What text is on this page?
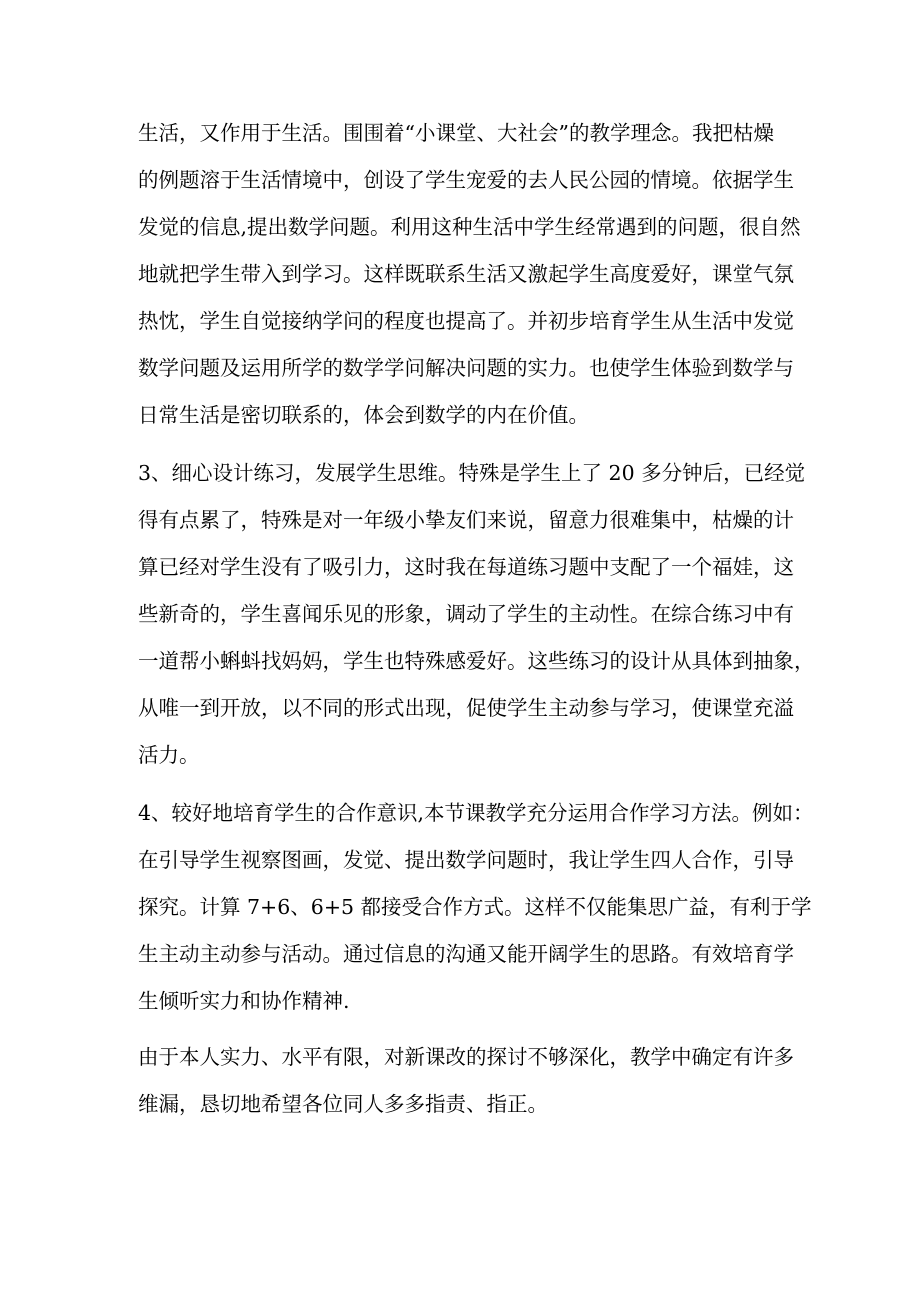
生活，又作用于生活。围围着“小课堂、大社会”的教学理念。我把枯燥
的例题溶于生活情境中，创设了学生宠爱的去人民公园的情境。依据学生
发觉的信息,提出数学问题。利用这种生活中学生经常遇到的问题，很自然
地就把学生带入到学习。这样既联系生活又激起学生高度爱好，课堂气氛
热忱，学生自觉接纳学问的程度也提高了。并初步培育学生从生活中发觉
数学问题及运用所学的数学学问解决问题的实力。也使学生体验到数学与
日常生活是密切联系的，体会到数学的内在价值。
3、细心设计练习，发展学生思维。特殊是学生上了 20 多分钟后，已经觉
得有点累了，特殊是对一年级小挚友们来说，留意力很难集中，枯燥的计
算已经对学生没有了吸引力，这时我在每道练习题中支配了一个福娃，这
些新奇的，学生喜闻乐见的形象，调动了学生的主动性。在综合练习中有
一道帮小蝌蚪找妈妈，学生也特殊感爱好。这些练习的设计从具体到抽象，
从唯一到开放，以不同的形式出现，促使学生主动参与学习，使课堂充溢
活力。
4、较好地培育学生的合作意识,本节课教学充分运用合作学习方法。例如：
在引导学生视察图画，发觉、提出数学问题时，我让学生四人合作，引导
探究。计算 7+6、6+5 都接受合作方式。这样不仅能集思广益，有利于学
生主动主动参与活动。通过信息的沟通又能开阔学生的思路。有效培育学
生倾听实力和协作精神.
由于本人实力、水平有限，对新课改的探讨不够深化，教学中确定有许多
维漏，恳切地希望各位同人多多指责、指正。
